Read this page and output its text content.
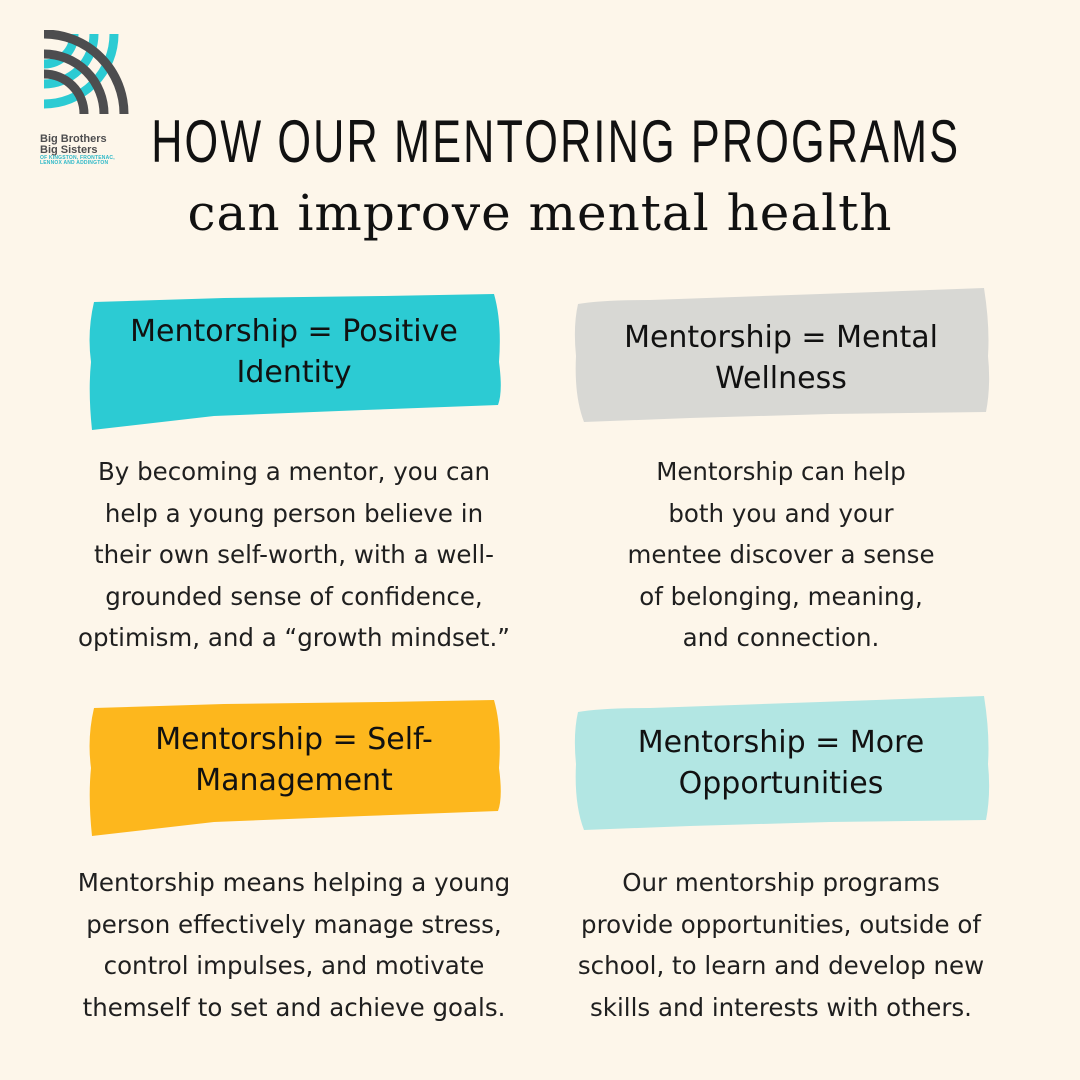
Big Brothers
Big Sisters
OF KINGSTON, FRONTENAC,
LENNOX AND ADDINGTON HOW OUR MENTORING PROGRAMS
can improve mental health
Mentorship = Positive
Identity
By becoming a mentor, you can
help a young person believe in
their own self-worth, with a well-
grounded sense of confidence,
optimism, and a “growth mindset.”
Mentorship = Mental
Wellness
Mentorship can help
both you and your
mentee discover a sense
of belonging, meaning,
and connection.
Mentorship = Self-
Management
Mentorship means helping a young
person effectively manage stress,
control impulses, and motivate
themself to set and achieve goals.
Mentorship = More
Opportunities
Our mentorship programs
provide opportunities, outside of
school, to learn and develop new
skills and interests with others.
